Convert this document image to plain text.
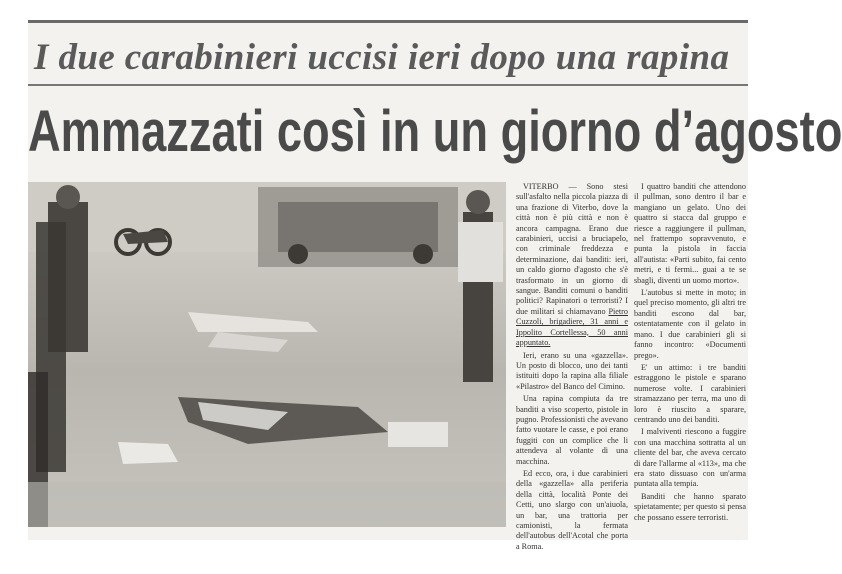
I due carabinieri uccisi ieri dopo una rapina
Ammazzati così in un giorno d’agosto

VITERBO — Sono stesi sull'asfalto nella piccola piazza di una frazione di Viterbo, dove la città non è più città e non è ancora campagna. Erano due carabinieri, uccisi a bruciapelo, con criminale freddezza e determinazione, dai banditi: ieri, un caldo giorno d'agosto che s'è trasformato in un giorno di sangue. Banditi comuni o banditi politici? Rapinatori o terroristi? I due militari si chiamavano Pietro Cuzzoli, brigadiere, 31 anni e Ippolito Cortellessa, 50 anni appuntato.

Ieri, erano su una «gazzella». Un posto di blocco, uno dei tanti istituiti dopo la rapina alla filiale «Pilastro» del Banco del Cimino.

Una rapina compiuta da tre banditi a viso scoperto, pistole in pugno. Professionisti che avevano fatto vuotare le casse, e poi erano fuggiti con un complice che li attendeva al volante di una macchina.

Ed ecco, ora, i due carabinieri della «gazzella» alla periferia della città, località Ponte dei Cetti, uno slargo con un'aiuola, un bar, una trattoria per camionisti, la fermata dell'autobus dell'Acotal che porta a Roma.

I quattro banditi che attendono il pullman, sono dentro il bar e mangiano un gelato. Uno dei quattro si stacca dal gruppo e riesce a raggiungere il pullman, nel frattempo sopravvenuto, e punta la pistola in faccia all'autista: «Parti subito, fai cento metri, e ti fermi... guai a te se sbagli, diventi un uomo morto».

L'autobus si mette in moto; in quel preciso momento, gli altri tre banditi escono dal bar, ostentatamente con il gelato in mano. I due carabinieri gli si fanno incontro: «Documenti prego».

E' un attimo: i tre banditi estraggono le pistole e sparano numerose volte. I carabinieri stramazzano per terra, ma uno di loro è riuscito a sparare, centrando uno dei banditi.

I malviventi riescono a fuggire con una macchina sottratta al un cliente del bar, che aveva cercato di dare l'allarme al «113», ma che era stato dissuaso con un'arma puntata alla tempia.

Banditi che hanno sparato spietatamente; per questo si pensa che possano essere terroristi.
